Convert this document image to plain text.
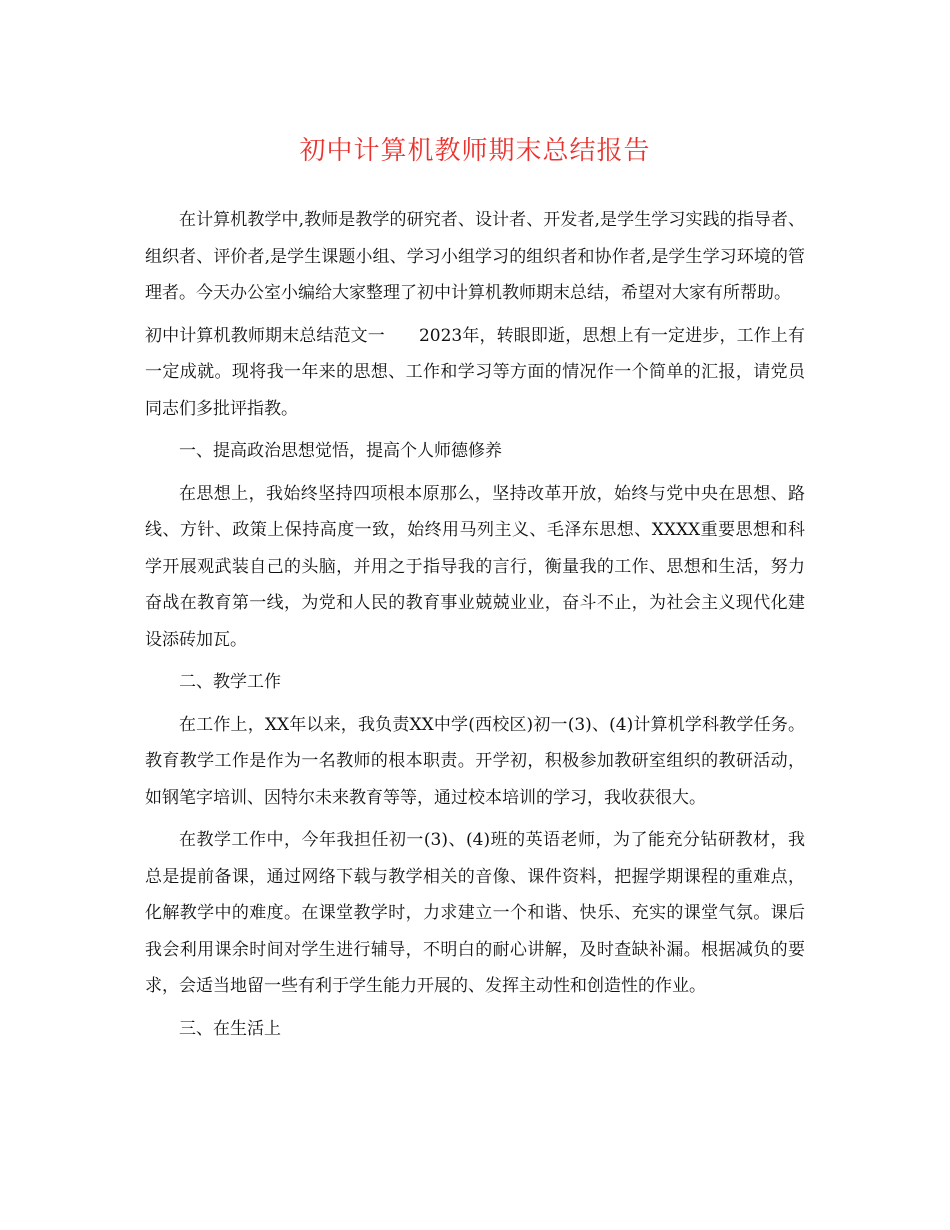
初中计算机教师期末总结报告

在计算机教学中,教师是教学的研究者、设计者、开发者,是学生学习实践的指导者、组织者、评价者,是学生课题小组、学习小组学习的组织者和协作者,是学生学习环境的管理者。今天办公室小编给大家整理了初中计算机教师期末总结，希望对大家有所帮助。

初中计算机教师期末总结范文一 2023年，转眼即逝，思想上有一定进步，工作上有一定成就。现将我一年来的思想、工作和学习等方面的情况作一个简单的汇报，请党员同志们多批评指教。

一、提高政治思想觉悟，提高个人师德修养

在思想上，我始终坚持四项根本原那么，坚持改革开放，始终与党中央在思想、路线、方针、政策上保持高度一致，始终用马列主义、毛泽东思想、XXXX重要思想和科学开展观武装自己的头脑，并用之于指导我的言行，衡量我的工作、思想和生活，努力奋战在教育第一线，为党和人民的教育事业兢兢业业，奋斗不止，为社会主义现代化建设添砖加瓦。

二、教学工作

在工作上，XX年以来，我负责XX中学(西校区)初一(3)、(4)计算机学科教学任务。教育教学工作是作为一名教师的根本职责。开学初，积极参加教研室组织的教研活动，如钢笔字培训、因特尔未来教育等等，通过校本培训的学习，我收获很大。

在教学工作中，今年我担任初一(3)、(4)班的英语老师，为了能充分钻研教材，我总是提前备课，通过网络下载与教学相关的音像、课件资料，把握学期课程的重难点，化解教学中的难度。在课堂教学时，力求建立一个和谐、快乐、充实的课堂气氛。课后我会利用课余时间对学生进行辅导，不明白的耐心讲解，及时查缺补漏。根据减负的要求，会适当地留一些有利于学生能力开展的、发挥主动性和创造性的作业。

三、在生活上
